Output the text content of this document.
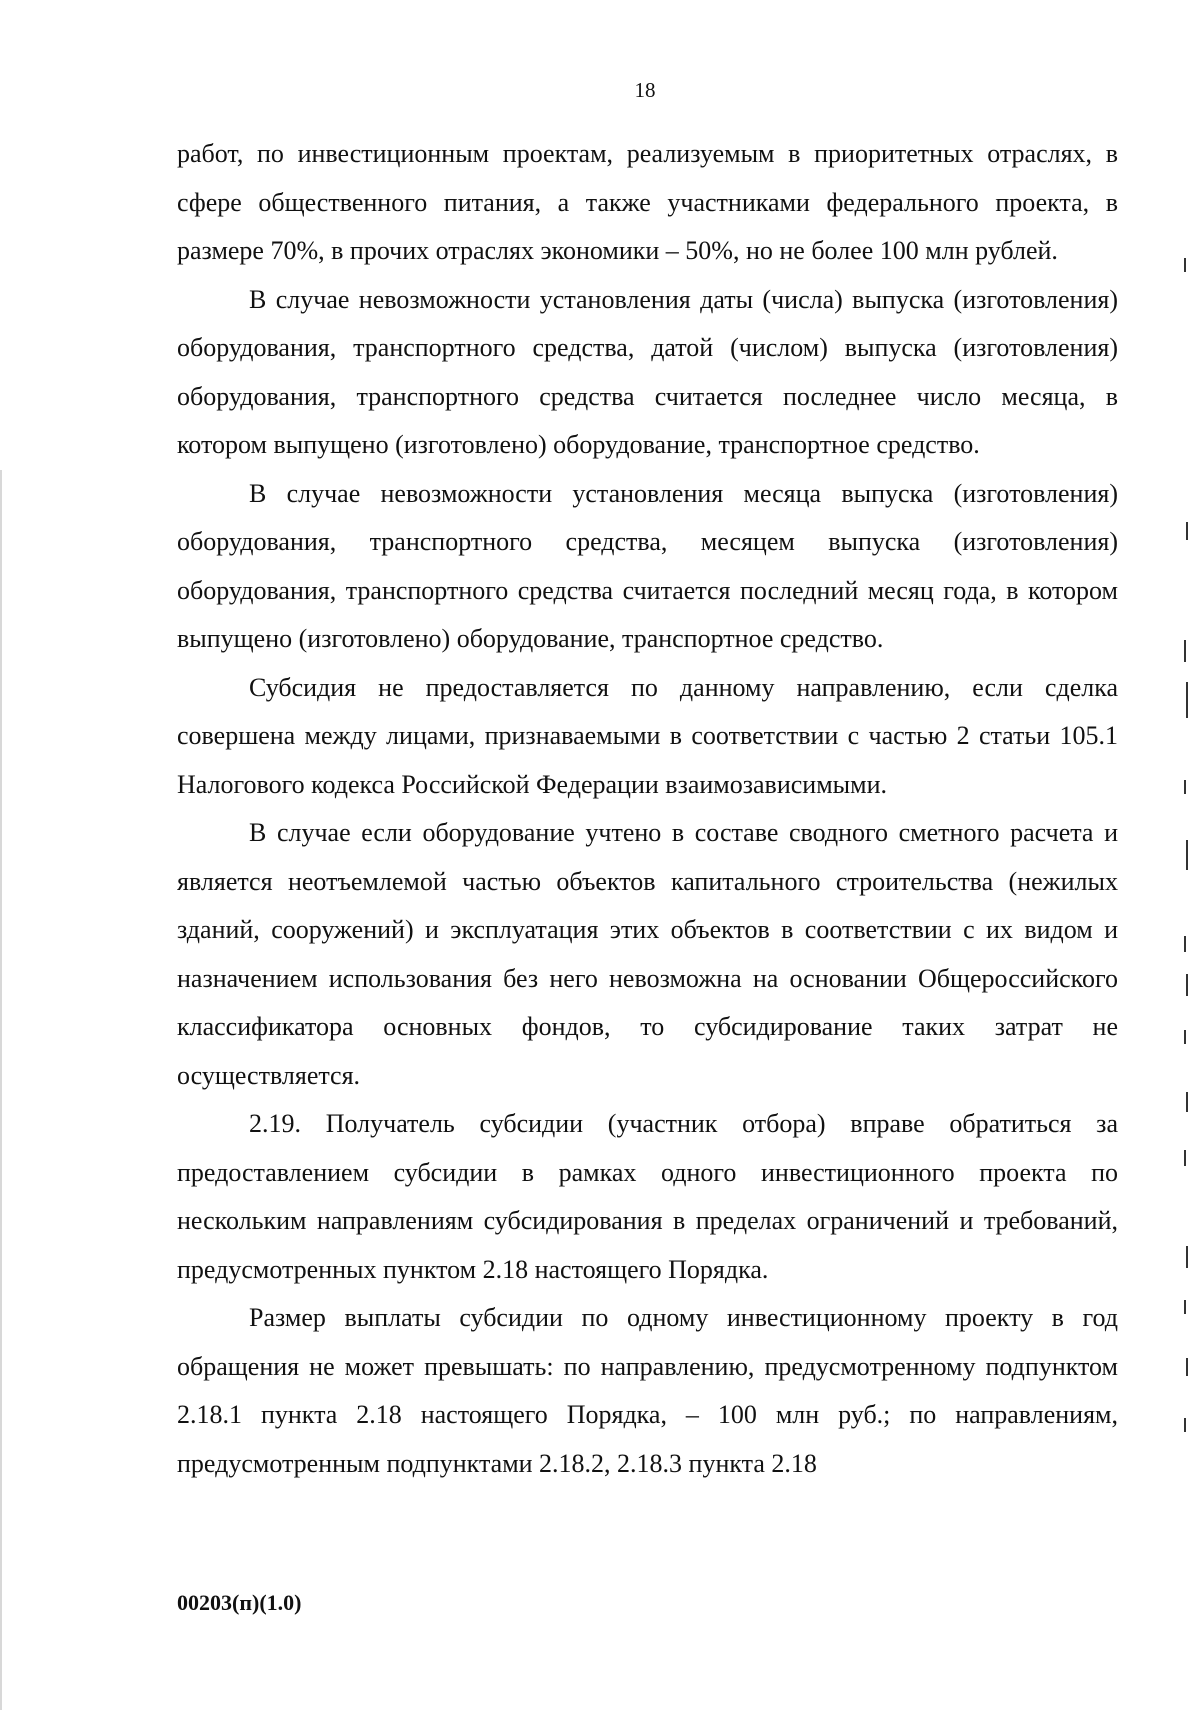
18

работ, по инвестиционным проектам, реализуемым в приоритетных отраслях, в сфере общественного питания, а также участниками федерального проекта, в размере 70%, в прочих отраслях экономики – 50%, но не более 100 млн рублей.

В случае невозможности установления даты (числа) выпуска (изготовления) оборудования, транспортного средства, датой (числом) выпуска (изготовления) оборудования, транспортного средства считается последнее число месяца, в котором выпущено (изготовлено) оборудование, транспортное средство.

В случае невозможности установления месяца выпуска (изготовления) оборудования, транспортного средства, месяцем выпуска (изготовления) оборудования, транспортного средства считается последний месяц года, в котором выпущено (изготовлено) оборудование, транспортное средство.

Субсидия не предоставляется по данному направлению, если сделка совершена между лицами, признаваемыми в соответствии с частью 2 статьи 105.1 Налогового кодекса Российской Федерации взаимозависимыми.

В случае если оборудование учтено в составе сводного сметного расчета и является неотъемлемой частью объектов капитального строительства (нежилых зданий, сооружений) и эксплуатация этих объектов в соответствии с их видом и назначением использования без него невозможна на основании Общероссийского классификатора основных фондов, то субсидирование таких затрат не осуществляется.

2.19. Получатель субсидии (участник отбора) вправе обратиться за предоставлением субсидии в рамках одного инвестиционного проекта по нескольким направлениям субсидирования в пределах ограничений и требований, предусмотренных пунктом 2.18 настоящего Порядка.

Размер выплаты субсидии по одному инвестиционному проекту в год обращения не может превышать: по направлению, предусмотренному подпунктом 2.18.1 пункта 2.18 настоящего Порядка, – 100 млн руб.; по направлениям, предусмотренным подпунктами 2.18.2, 2.18.3 пункта 2.18

00203(п)(1.0)
